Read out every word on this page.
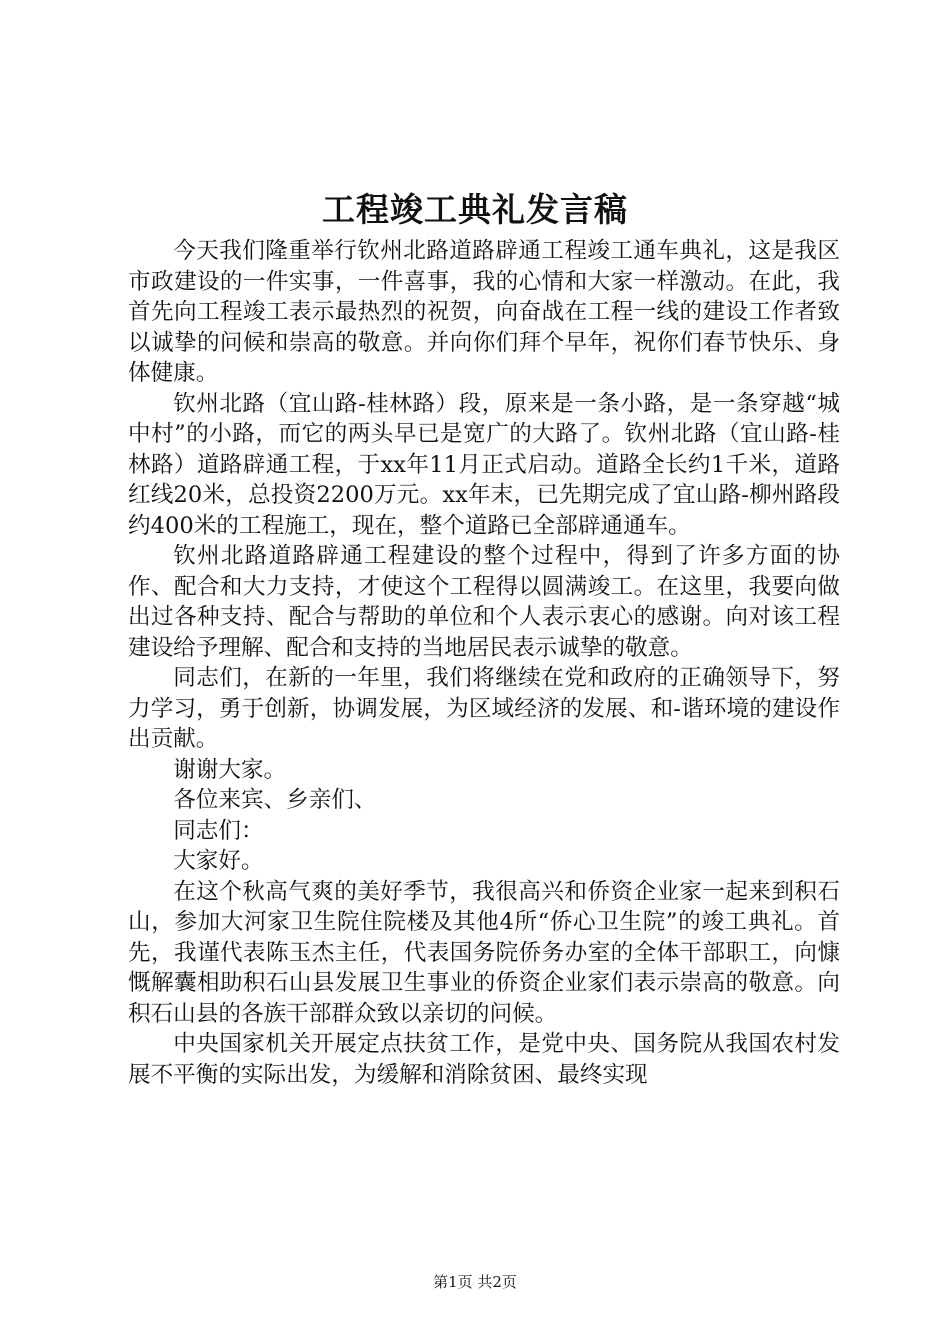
工程竣工典礼发言稿

今天我们隆重举行钦州北路道路辟通工程竣工通车典礼，这是我区市政建设的一件实事，一件喜事，我的心情和大家一样激动。在此，我首先向工程竣工表示最热烈的祝贺，向奋战在工程一线的建设工作者致以诚挚的问候和崇高的敬意。并向你们拜个早年，祝你们春节快乐、身体健康。

钦州北路（宜山路-桂林路）段，原来是一条小路，是一条穿越“城中村”的小路，而它的两头早已是宽广的大路了。钦州北路（宜山路-桂林路）道路辟通工程，于xx年11月正式启动。道路全长约1千米，道路红线20米，总投资2200万元。xx年末，已先期完成了宜山路-柳州路段约400米的工程施工，现在，整个道路已全部辟通通车。

钦州北路道路辟通工程建设的整个过程中，得到了许多方面的协作、配合和大力支持，才使这个工程得以圆满竣工。在这里，我要向做出过各种支持、配合与帮助的单位和个人表示衷心的感谢。向对该工程建设给予理解、配合和支持的当地居民表示诚挚的敬意。

同志们，在新的一年里，我们将继续在党和政府的正确领导下，努力学习，勇于创新，协调发展，为区域经济的发展、和-谐环境的建设作出贡献。

谢谢大家。

各位来宾、乡亲们、

同志们：

大家好。

在这个秋高气爽的美好季节，我很高兴和侨资企业家一起来到积石山，参加大河家卫生院住院楼及其他4所“侨心卫生院”的竣工典礼。首先，我谨代表陈玉杰主任，代表国务院侨务办室的全体干部职工，向慷慨解囊相助积石山县发展卫生事业的侨资企业家们表示崇高的敬意。向积石山县的各族干部群众致以亲切的问候。

中央国家机关开展定点扶贫工作，是党中央、国务院从我国农村发展不平衡的实际出发，为缓解和消除贫困、最终实现

第1页 共2页
